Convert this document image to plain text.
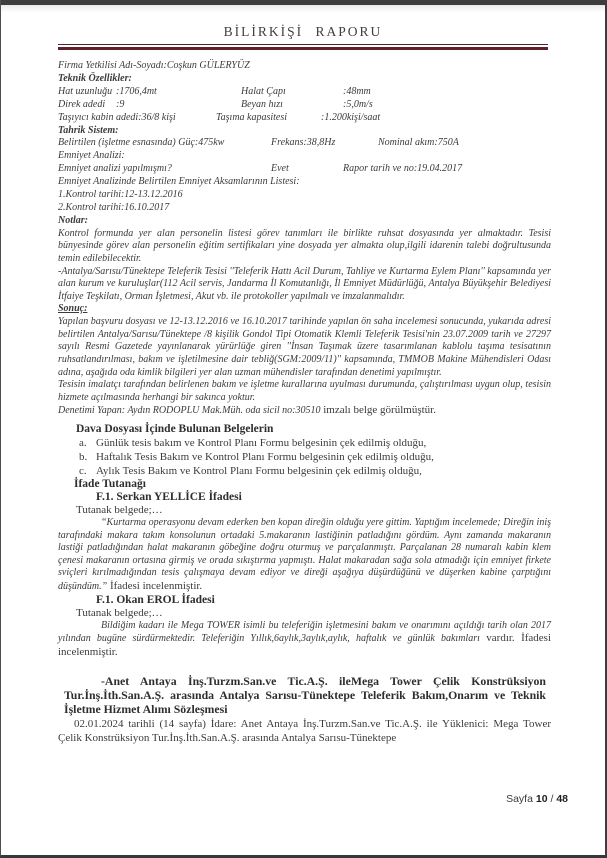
BİLİRKİŞİ RAPORU
Firma Yetkilisi Adı-Soyadı:Coşkun GÜLERYÜZ
Teknik Özellikler:
Hat uzunluğu :1706,4mt	Halat Çapı	:48mm
Direk adedi	:9	Beyan hızı	:5,0m/s
Taşıyıcı kabin adedi:36/8 kişi	Taşıma kapasitesi	:1.200kişi/saat
Tahrik Sistem:
Belirtilen (işletme esnasında) Güç:475kw	Frekans:38,8Hz	Nominal akım:750A
Emniyet Analizi:
Emniyet analizi yapılmışmı?	Evet	Rapor tarih ve no:19.04.2017
Emniyet Analizinde Belirtilen Emniyet Aksamlarının Listesi:
1.Kontrol tarihi:12-13.12.2016
2.Kontrol tarihi:16.10.2017
Notlar:
Kontrol formunda yer alan personelin listesi görev tanımları ile birlikte ruhsat dosyasında yer almaktadır. Tesisi bünyesinde görev alan personelin eğitim sertifikaları yine dosyada yer almakta olup,ilgili idarenin talebi doğrultusunda temin edilebilecektir.
-Antalya/Sarısu/Tünektepe Teleferik Tesisi ''Teleferik Hattı Acil Durum, Tahliye ve Kurtarma Eylem Planı'' kapsamında yer alan kurum ve kuruluşlar(112 Acil servis, Jandarma İl Komutanlığı, İl Emniyet Müdürlüğü, Antalya Büyükşehir Belediyesi İtfaiye Teşkilatı, Orman İşletmesi, Akut vb. ile protokoller yapılmalı ve imzalanmalıdır.
Sonuç:
Yapılan başvuru dosyası ve 12-13.12.2016 ve 16.10.2017 tarihinde yapılan ön saha incelemesi sonucunda, yukarıda adresi belirtilen Antalya/Sarısu/Tünektepe /8 kişilik Gondol Tipi Otomatik Klemli Teleferik Tesisi'nin 23.07.2009 tarih ve 27297 sayılı Resmi Gazetede yayınlanarak yürürlüğe giren ''İnsan Taşımak üzere tasarımlanan kablolu taşıma tesisatının ruhsatlandırılması, bakım ve işletilmesine dair tebliğ(SGM:2009/11)'' kapsamında, TMMOB Makine Mühendisleri Odası adına, aşağıda oda kimlik bilgileri yer alan uzman mühendisler tarafından denetimi yapılmıştır.
Tesisin imalatçı tarafından belirlenen bakım ve işletme kurallarına uyulması durumunda, çalıştırılması uygun olup, tesisin hizmete açılmasında herhangi bir sakınca yoktur.
Denetimi Yapan: Aydın RODOPLU Mak.Müh. oda sicil no:30510 imzalı belge görülmüştür.
Dava Dosyası İçinde Bulunan Belgelerin
a. Günlük tesis bakım ve Kontrol Planı Formu belgesinin çek edilmiş olduğu,
b. Haftalık Tesis Bakım ve Kontrol Planı Formu belgesinin çek edilmiş olduğu,
c. Aylık Tesis Bakım ve Kontrol Planı Formu belgesinin çek edilmiş olduğu,
İfade Tutanağı
F.1. Serkan YELLİCE İfadesi
Tutanak belgede;…
“Kurtarma operasyonu devam ederken ben kopan direğin olduğu yere gittim. Yaptığım incelemede; Direğin iniş tarafındaki makara takım konsolunun ortadaki 5.makaranın lastiğinin patladığını gördüm. Aynı zamanda makaranın lastiği patladığından halat makaranın göbeğine doğru oturmuş ve parçalanmıştı. Parçalanan 28 numaralı kabin klem çenesi makaranın ortasına girmiş ve orada sıkıştırma yapmıştı. Halat makaradan sağa sola atmadığı için emniyet firkete sviçleri kırılmadığından tesis çalışmaya devam ediyor ve direği aşağıya düşürdüğünü ve düşerken kabine çarptığını düşündüm.” İfadesi incelenmiştir.
F.1. Okan EROL İfadesi
Tutanak belgede;…
Bildiğim kadarı ile Mega TOWER isimli bu teleferiğin işletmesini bakım ve onarımını açıldığı tarih olan 2017 yılından bugüne sürdürmektedir. Teleferiğin Yıllık,6aylık,3aylık,aylık, haftalık ve günlük bakımları vardır. İfadesi incelenmiştir.
-Anet Antaya İnş.Turzm.San.ve Tic.A.Ş. ileMega Tower Çelik Konstrüksiyon Tur.İnş.İth.San.A.Ş. arasında Antalya Sarısu-Tünektepe Teleferik Bakım,Onarım ve Teknik İşletme Hizmet Alımı Sözleşmesi
02.01.2024 tarihli (14 sayfa) İdare: Anet Antaya İnş.Turzm.San.ve Tic.A.Ş. ile Yüklenici: Mega Tower Çelik Konstrüksiyon Tur.İnş.İth.San.A.Ş. arasında Antalya Sarısu-Tünektepe
Sayfa 10 / 48
